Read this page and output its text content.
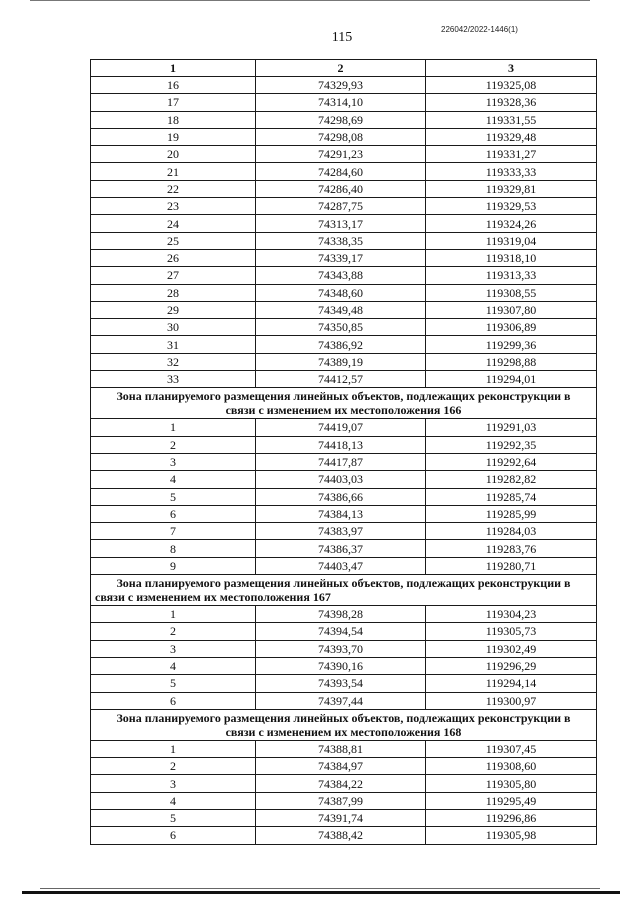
115
226042/2022-1446(1)
1	2	3
16	74329,93	119325,08
17	74314,10	119328,36
18	74298,69	119331,55
19	74298,08	119329,48
20	74291,23	119331,27
21	74284,60	119333,33
22	74286,40	119329,81
23	74287,75	119329,53
24	74313,17	119324,26
25	74338,35	119319,04
26	74339,17	119318,10
27	74343,88	119313,33
28	74348,60	119308,55
29	74349,48	119307,80
30	74350,85	119306,89
31	74386,92	119299,36
32	74389,19	119298,88
33	74412,57	119294,01

Зона планируемого размещения линейных объектов, подлежащих реконструкции в
связи с изменением их местоположения 166		

1	74419,07	119291,03
2	74418,13	119292,35
3	74417,87	119292,64
4	74403,03	119282,82
5	74386,66	119285,74
6	74384,13	119285,99
7	74383,97	119284,03
8	74386,37	119283,76
9	74403,47	119280,71

Зона планируемого размещения линейных объектов, подлежащих реконструкции в
связи с изменением их местоположения 167		

1	74398,28	119304,23
2	74394,54	119305,73
3	74393,70	119302,49
4	74390,16	119296,29
5	74393,54	119294,14
6	74397,44	119300,97

Зона планируемого размещения линейных объектов, подлежащих реконструкции в
связи с изменением их местоположения 168		

1	74388,81	119307,45
2	74384,97	119308,60
3	74384,22	119305,80
4	74387,99	119295,49
5	74391,74	119296,86
6	74388,42	119305,98
